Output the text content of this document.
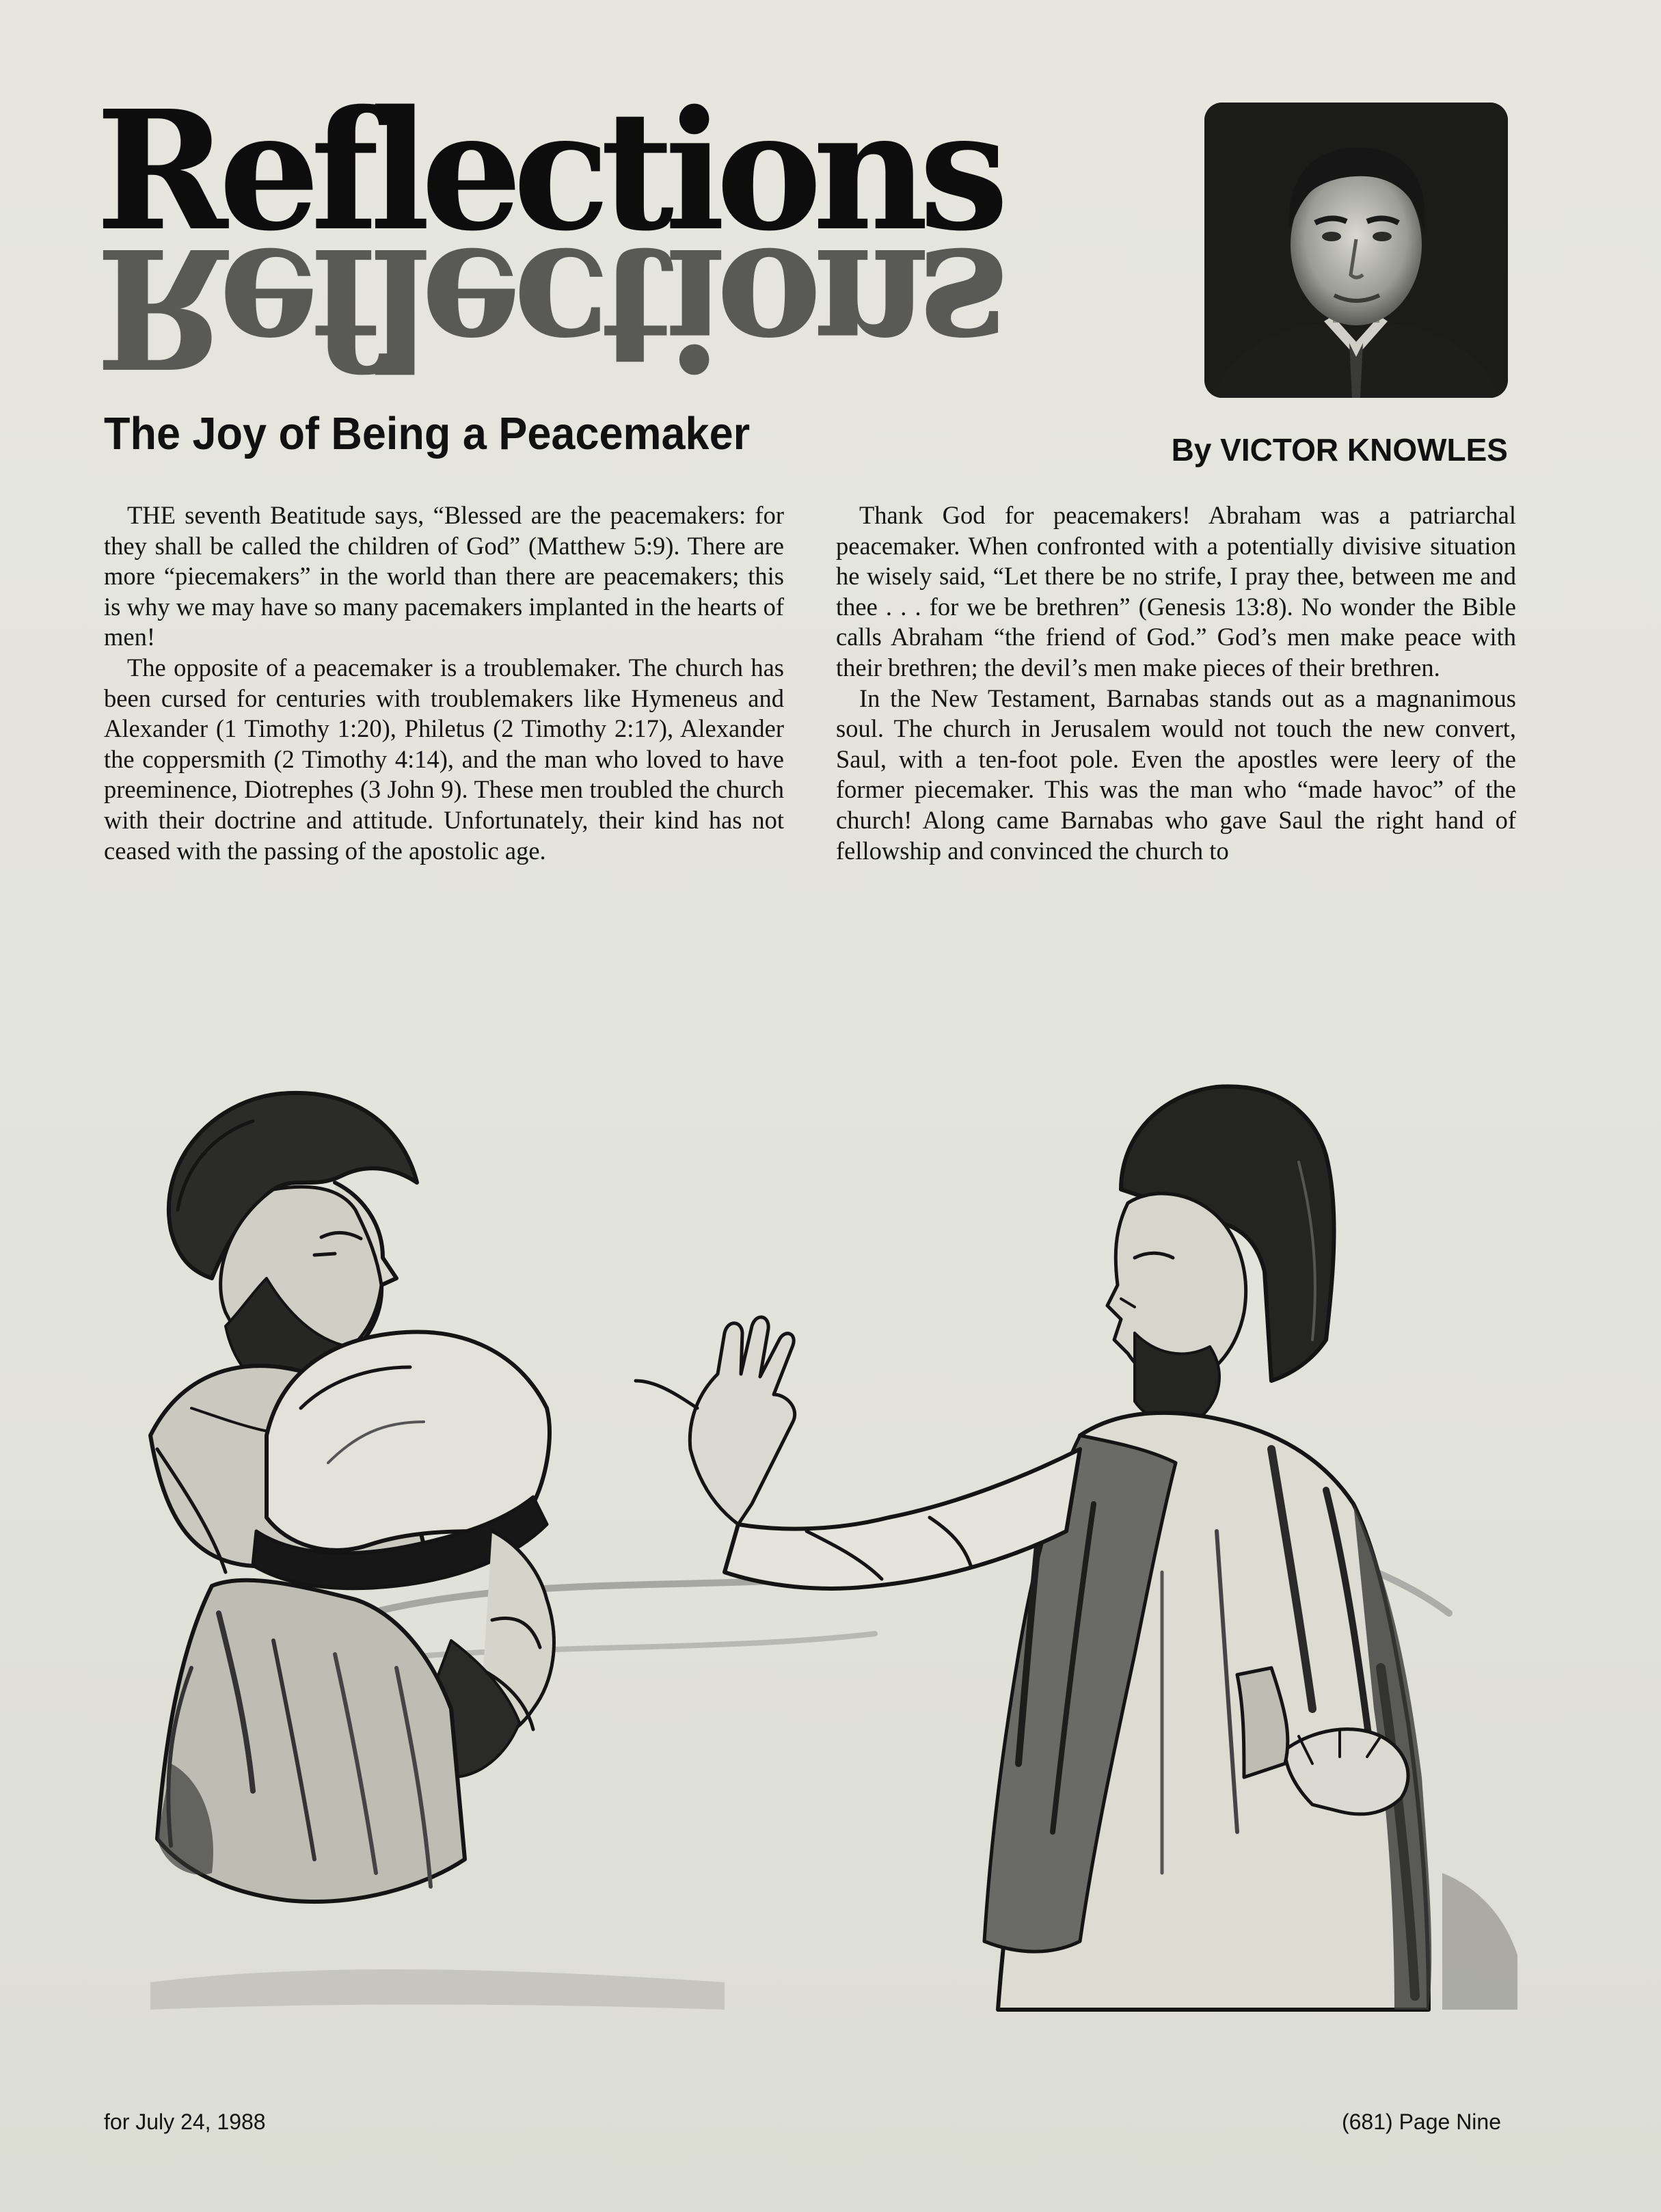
Reflections
Reflections
The Joy of Being a Peacemaker	By VICTOR KNOWLES

THE seventh Beatitude says, “Blessed are the peacemakers: for they shall be called the children of God” (Matthew 5:9). There are more “piecemakers” in the world than there are peacemakers; this is why we may have so many pacemakers implanted in the hearts of men!

The opposite of a peacemaker is a troublemaker. The church has been cursed for centuries with troublemakers like Hymeneus and Alexander (1 Timothy 1:20), Philetus (2 Timothy 2:17), Alexander the coppersmith (2 Timothy 4:14), and the man who loved to have preeminence, Diotrephes (3 John 9). These men troubled the church with their doctrine and attitude. Unfortunately, their kind has not ceased with the passing of the apostolic age.

Thank God for peacemakers! Abraham was a patriarchal peacemaker. When confronted with a potentially divisive situation he wisely said, “Let there be no strife, I pray thee, between me and thee . . . for we be brethren” (Genesis 13:8). No wonder the Bible calls Abraham “the friend of God.” God’s men make peace with their brethren; the devil’s men make pieces of their brethren.

In the New Testament, Barnabas stands out as a magnanimous soul. The church in Jerusalem would not touch the new convert, Saul, with a ten-foot pole. Even the apostles were leery of the former piecemaker. This was the man who “made havoc” of the church! Along came Barnabas who gave Saul the right hand of fellowship and convinced the church to

for July 24, 1988	(681) Page Nine
